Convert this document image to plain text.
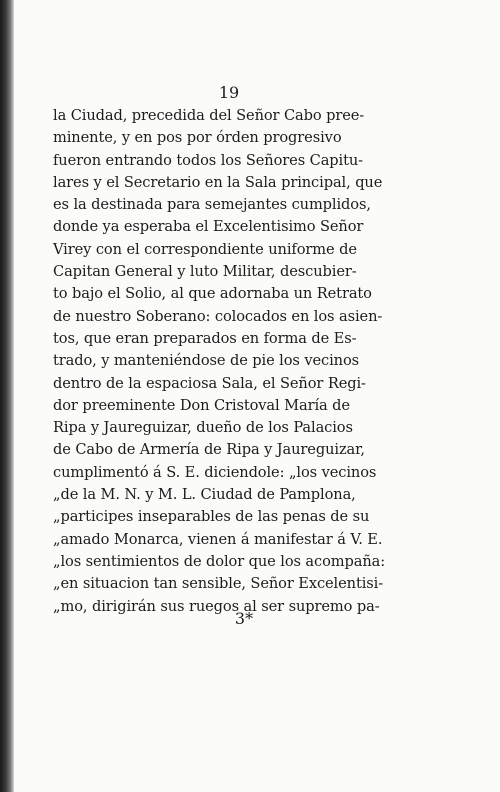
19
la Ciudad, precedida del Señor Cabo pree-
minente, y en pos por órden progresivo
fueron entrando todos los Señores Capitu-
lares y el Secretario en la Sala principal, que
es la destinada para semejantes cumplidos,
donde ya esperaba el Excelentisimo Señor
Virey con el correspondiente uniforme de
Capitan General y luto Militar, descubier-
to bajo el Solio, al que adornaba un Retrato
de nuestro Soberano: colocados en los asien-
tos, que eran preparados en forma de Es-
trado, y manteniéndose de pie los vecinos
dentro de la espaciosa Sala, el Señor Regi-
dor preeminente Don Cristoval María de
Ripa y Jaureguizar, dueño de los Palacios
de Cabo de Armería de Ripa y Jaureguizar,
cumplimentó á S. E. diciendole: „los vecinos
„de la M. N. y M. L. Ciudad de Pamplona,
„participes inseparables de las penas de su
„amado Monarca, vienen á manifestar á V. E.
„los sentimientos de dolor que los acompaña:
„en situacion tan sensible, Señor Excelentisi-
„mo, dirigirán sus ruegos al ser supremo pa-
3*
